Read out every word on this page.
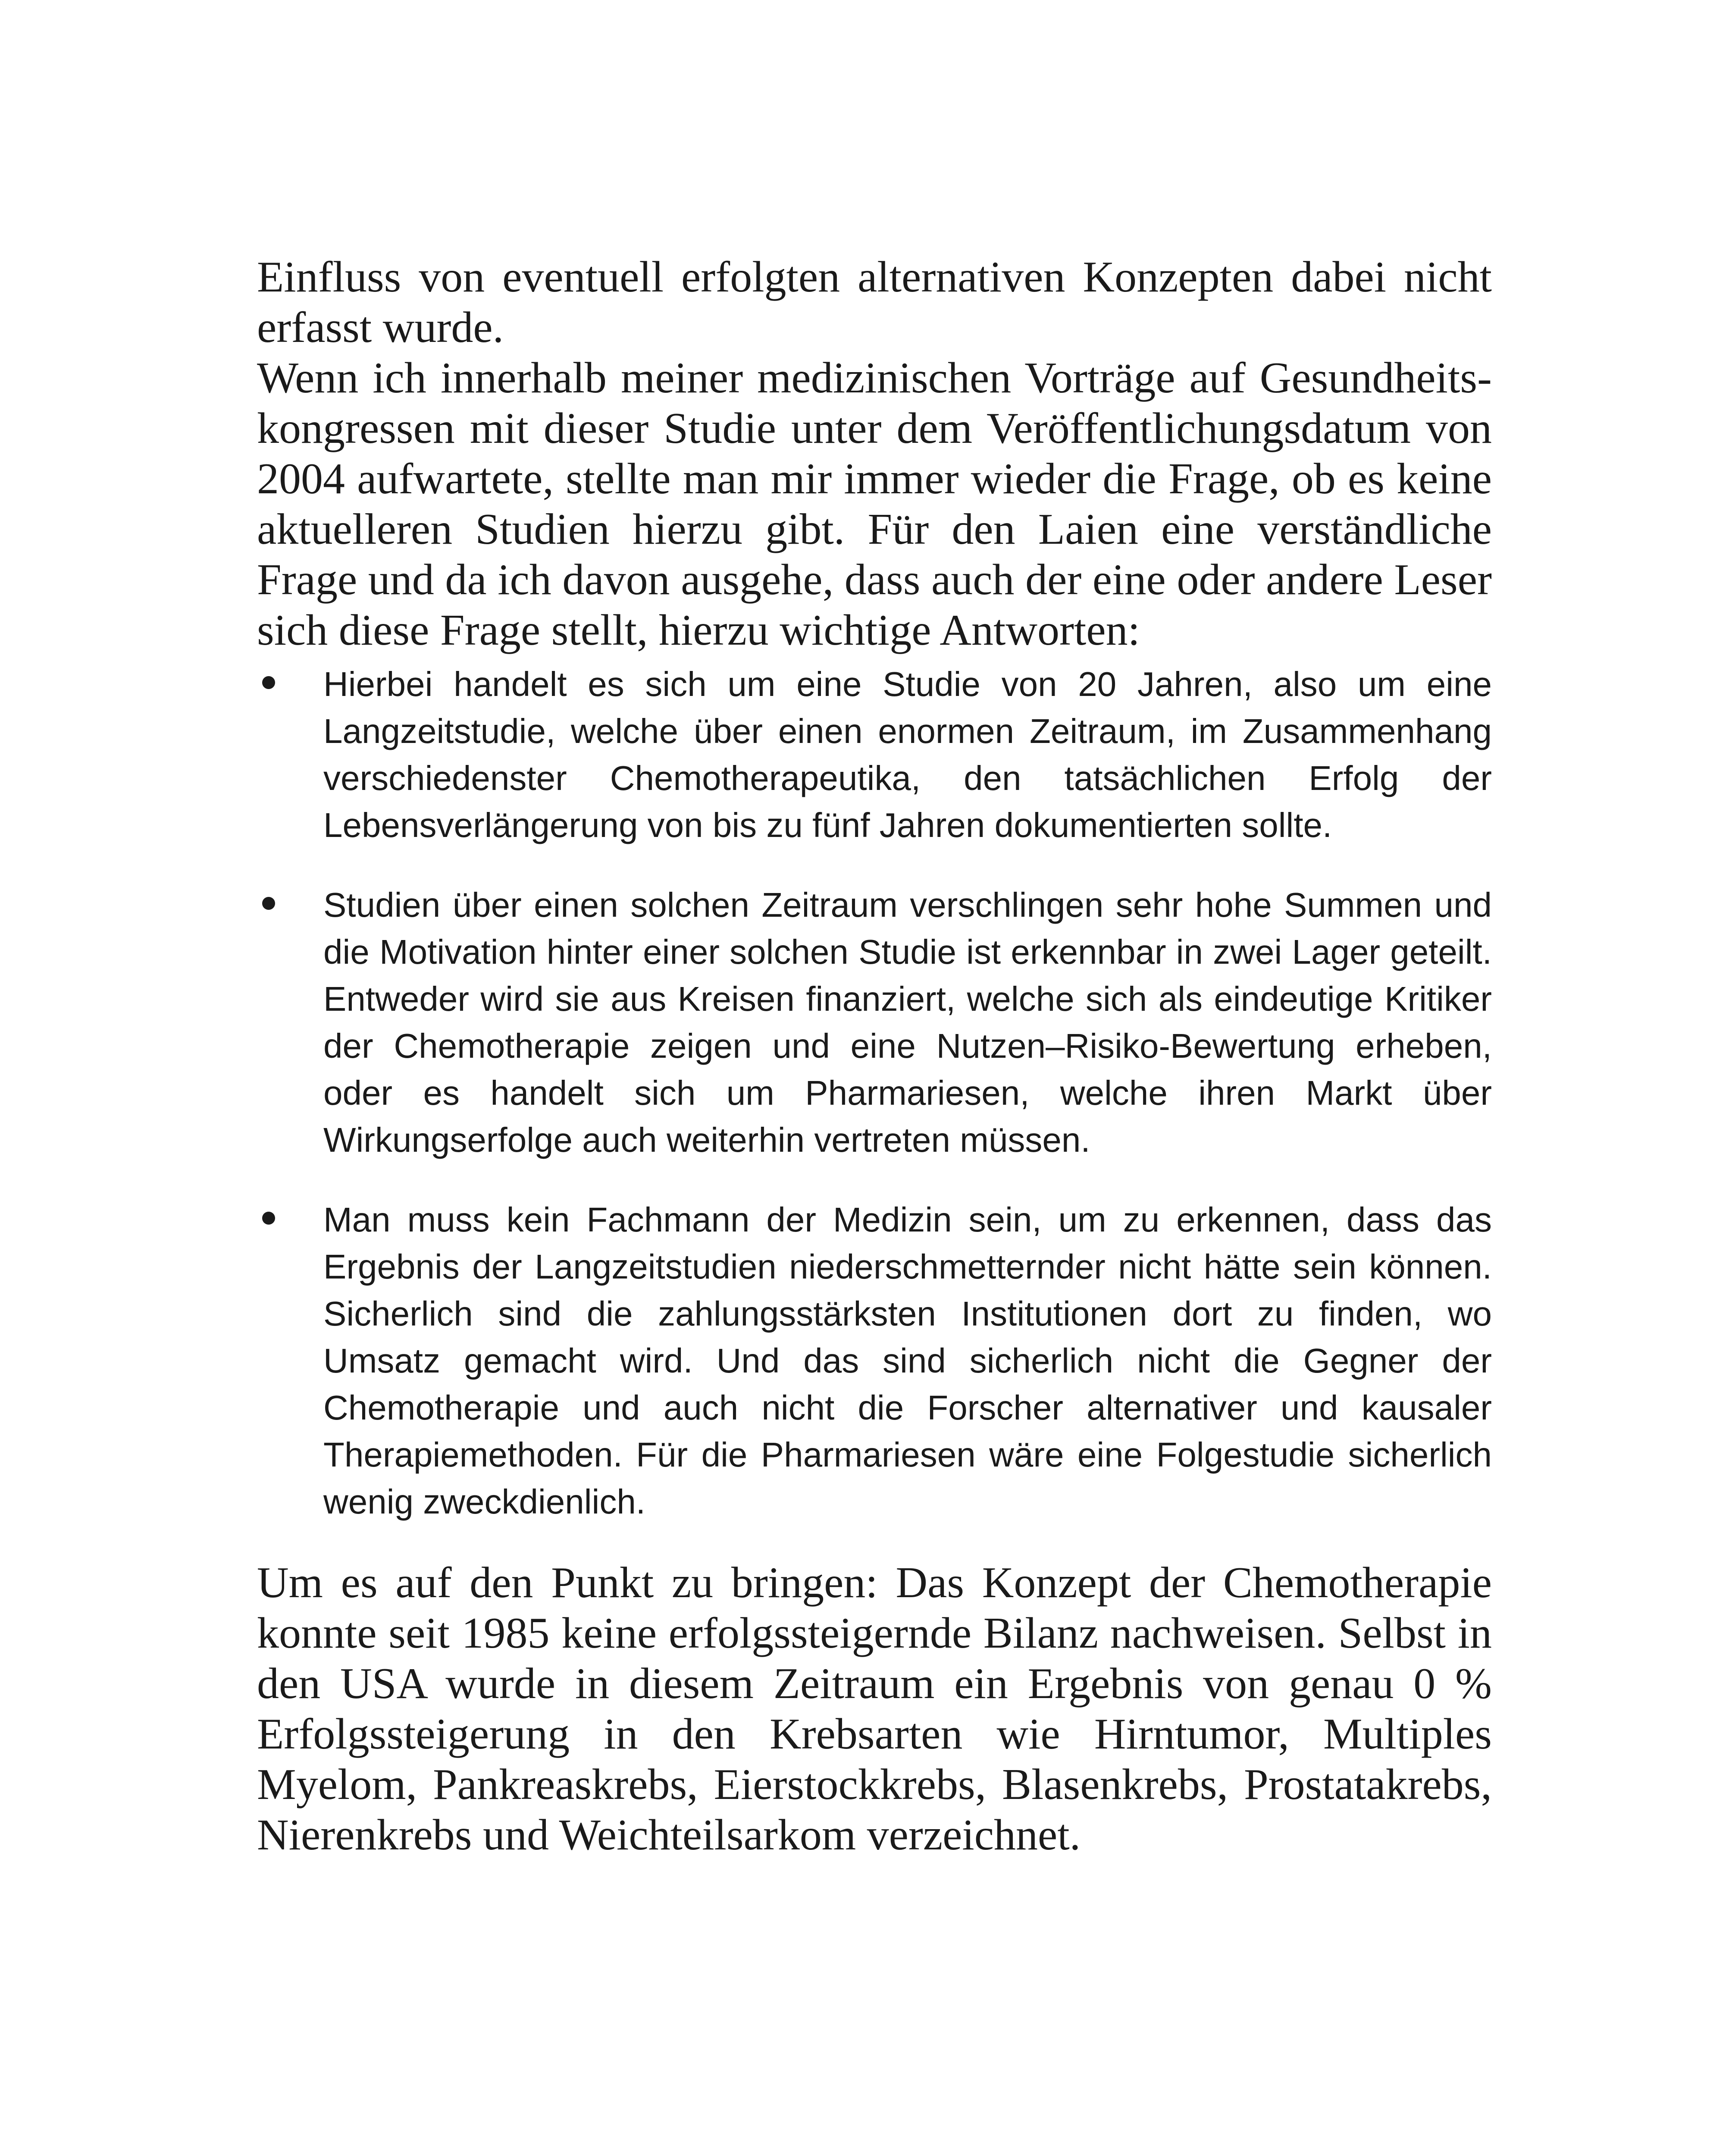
Einfluss von eventuell erfolgten alternativen Konzepten dabei nicht erfasst wurde.

Wenn ich innerhalb meiner medizinischen Vorträge auf Gesundheitskongressen mit dieser Studie unter dem Veröffentlichungsdatum von 2004 aufwartete, stellte man mir immer wieder die Frage, ob es keine aktuelleren Studien hierzu gibt. Für den Laien eine verständliche Frage und da ich davon ausgehe, dass auch der eine oder andere Leser sich diese Frage stellt, hierzu wichtige Antworten:

Hierbei handelt es sich um eine Studie von 20 Jahren, also um eine Langzeitstudie, welche über einen enormen Zeitraum, im Zusammenhang verschiedenster Chemotherapeutika, den tatsächlichen Erfolg der Lebensverlängerung von bis zu fünf Jahren dokumentierten sollte.
Studien über einen solchen Zeitraum verschlingen sehr hohe Summen und die Motivation hinter einer solchen Studie ist erkennbar in zwei Lager geteilt. Entweder wird sie aus Kreisen finanziert, welche sich als eindeutige Kritiker der Chemotherapie zeigen und eine Nutzen–Risiko-Bewertung erheben, oder es handelt sich um Pharmariesen, welche ihren Markt über Wirkungserfolge auch weiterhin vertreten müssen.
Man muss kein Fachmann der Medizin sein, um zu erkennen, dass das Ergebnis der Langzeitstudien niederschmetternder nicht hätte sein können. Sicherlich sind die zahlungsstärksten Institutionen dort zu finden, wo Umsatz gemacht wird. Und das sind sicherlich nicht die Gegner der Chemotherapie und auch nicht die Forscher alternativer und kausaler Therapiemethoden. Für die Pharmariesen wäre eine Folgestudie sicherlich wenig zweckdienlich.

Um es auf den Punkt zu bringen: Das Konzept der Chemotherapie konnte seit 1985 keine erfolgssteigernde Bilanz nachweisen. Selbst in den USA wurde in diesem Zeitraum ein Ergebnis von genau 0 % Erfolgssteigerung in den Krebsarten wie Hirntumor, Multiples Myelom, Pankreaskrebs, Eierstockkrebs, Blasenkrebs, Prostatakrebs, Nierenkrebs und Weichteilsarkom verzeichnet.
